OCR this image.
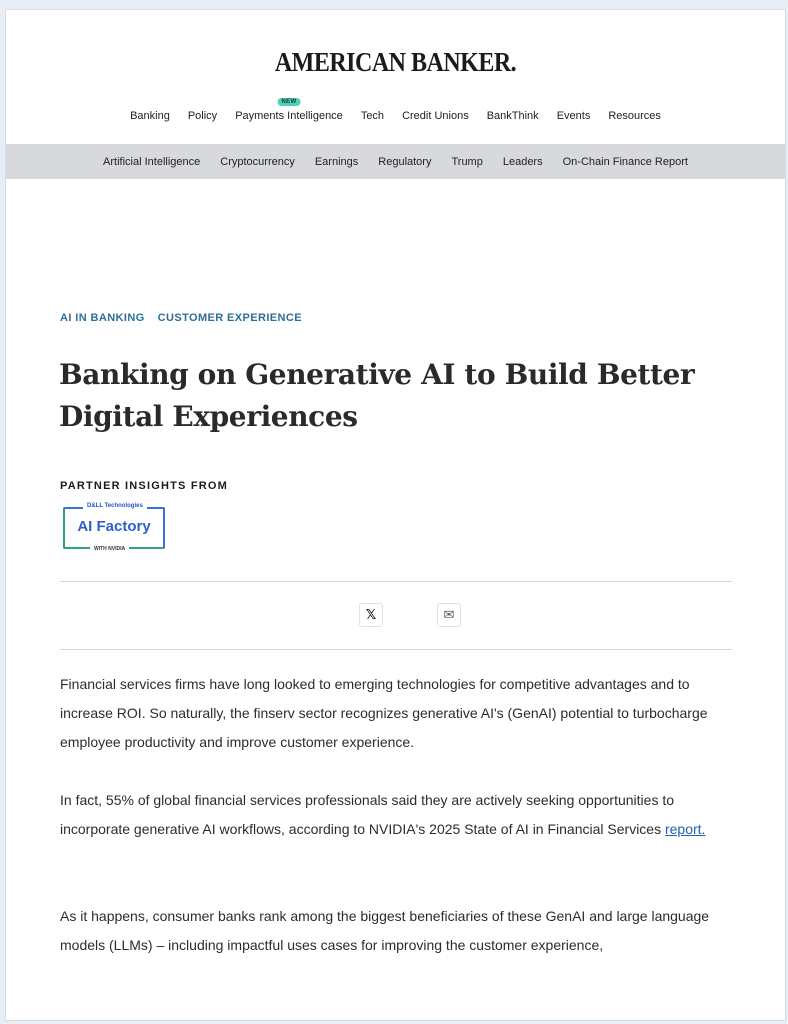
AMERICAN BANKER.
Banking	Policy
NEW
Payments Intelligence	Tech	Credit Unions	BankThink	Events	Resources
Artificial Intelligence	Cryptocurrency	Earnings	Regulatory	Trump	Leaders	On-Chain Finance Report
AI IN BANKING CUSTOMER EXPERIENCE
Banking on Generative AI to Build Better Digital Experiences
PARTNER INSIGHTS FROM
D&LL Technologies
AI Factory
WITH NVIDIA
𝕏	✉

Financial services firms have long looked to emerging technologies for competitive advantages and to increase ROI. So naturally, the finserv sector recognizes generative AI's (GenAI) potential to turbocharge employee productivity and improve customer experience.

In fact, 55% of global financial services professionals said they are actively seeking opportunities to incorporate generative AI workflows, according to NVIDIA's 2025 State of AI in Financial Services report.

As it happens, consumer banks rank among the biggest beneficiaries of these GenAI and large language models (LLMs) – including impactful uses cases for improving the customer experience,
